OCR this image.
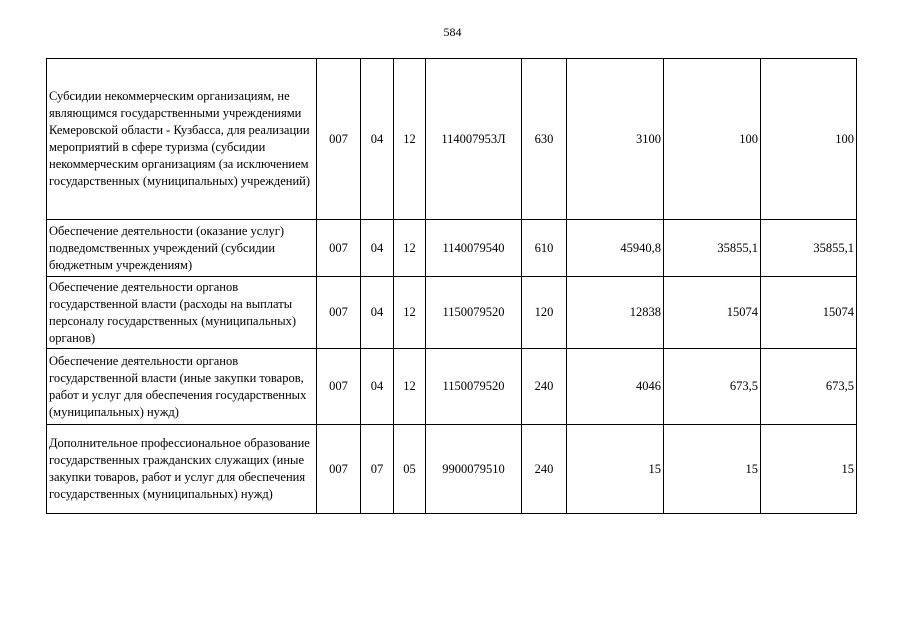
584
Субсидии некоммерческим организациям, не являющимся государственными учреждениями Кемеровской области - Кузбасса, для реализации мероприятий в сфере туризма (субсидии некоммерческим организациям (за исключением государственных (муниципальных) учреждений)	007	04	12	114007953Л	630	3100	100	100

Обеспечение деятельности (оказание услуг) подведомственных учреждений (субсидии бюджетным учреждениям)	007	04	12	1140079540	610	45940,8	35855,1	35855,1

Обеспечение деятельности органов государственной власти (расходы на выплаты персоналу государственных (муниципальных) органов)	007	04	12	1150079520	120	12838	15074	15074

Обеспечение деятельности органов государственной власти (иные закупки товаров, работ и услуг для обеспечения государственных (муниципальных) нужд)	007	04	12	1150079520	240	4046	673,5	673,5

Дополнительное профессиональное образование государственных гражданских служащих (иные закупки товаров, работ и услуг для обеспечения государственных (муниципальных) нужд)	007	07	05	9900079510	240	15	15	15
